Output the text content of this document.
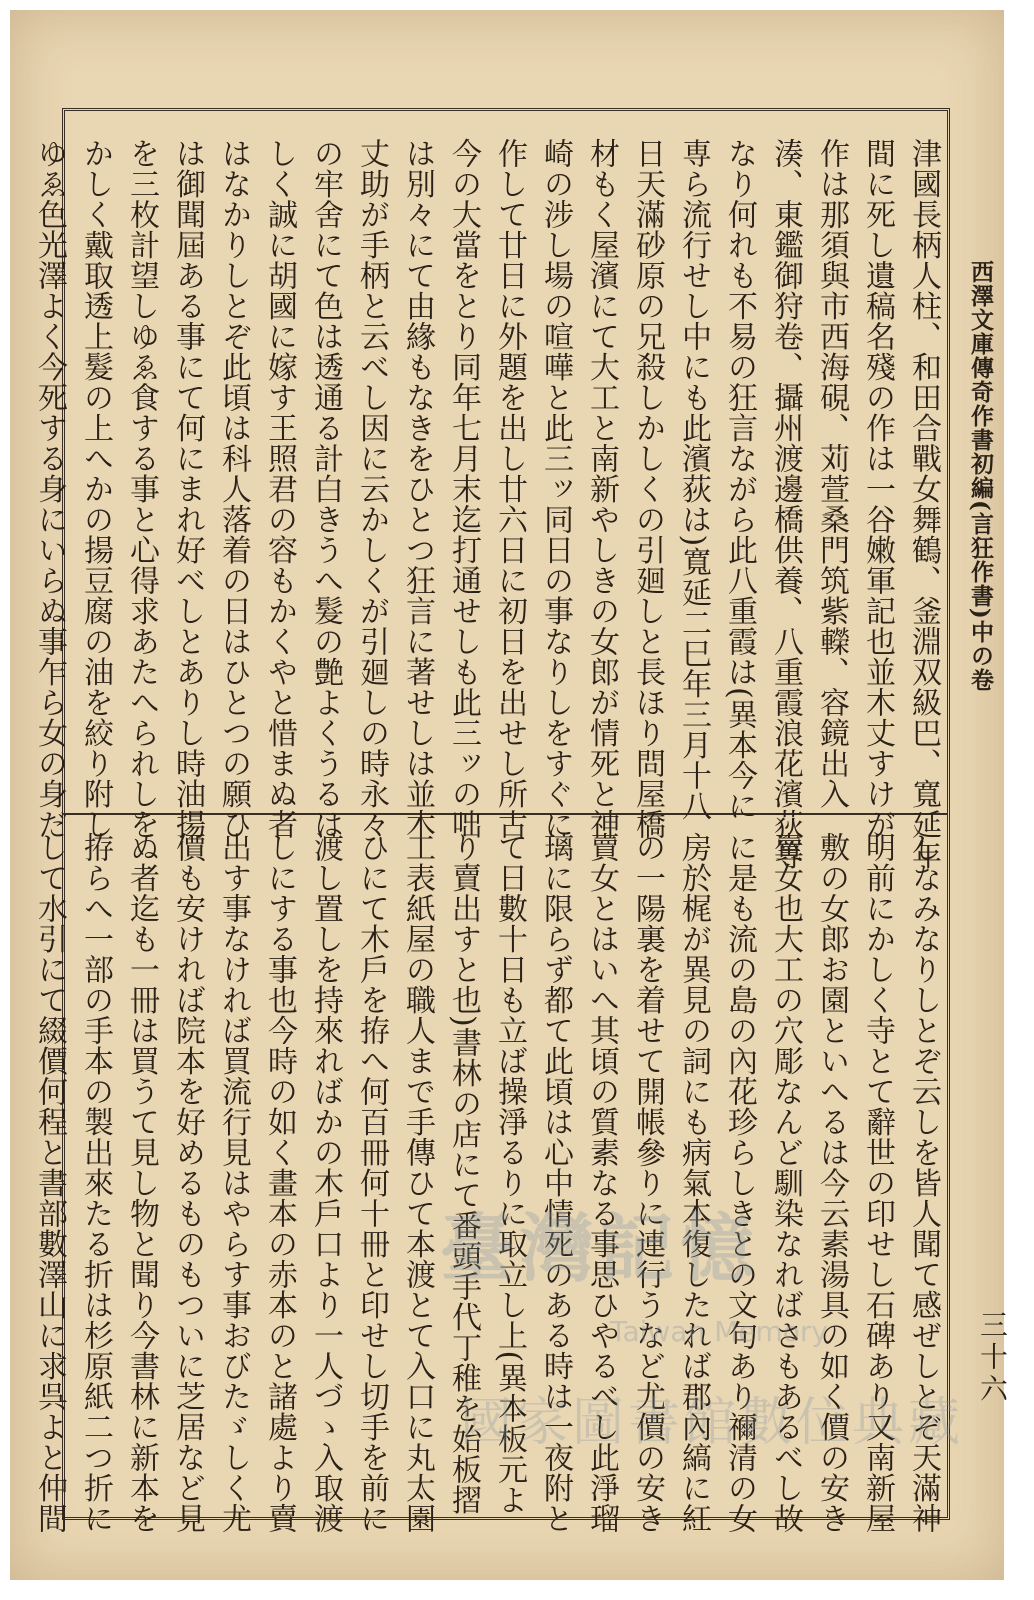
西澤文庫傳奇作書初編(言狂作書)中の卷
三十六
津國長柄人柱、和田合戰女舞鶴、釜淵双級巴、寬延年
間に死し遺稿名殘の作は一谷嫩軍記也並木丈すけが
作は那須與市西海硯、苅萱桑門筑紫𨏍、容鏡出入
湊、東鑑御狩卷、攝州渡邊橋供養、八重霞浪花濱荻等
なり何れも不易の狂言ながら此八重霞は(異本今に
専ら流行せし中にも此濱荻は)寬延二巳年三月十八
日天滿砂原の兄殺しかしくの引廻しと長ほり問屋橋
材もく屋濱にて大工と南新やしきの女郎が情死と神
崎の涉し場の喧嘩と此三ッ同日の事なりしをすぐに
作して廿日に外題を出し廿六日に初日を出せし所古
今の大當をとり同年七月末迄打通せしも此三ッの咄
は別々にて由緣もなきをひとつ狂言に著せしは並木
丈助が手柄と云べし因に云かしくが引廻しの時永々
の牢舍にて色は透通る計白きうへ髮の艶よくうるは
しく誠に胡國に嫁す王照君の容もかくやと惜まぬ者
はなかりしとぞ此頃は科人落着の日はひとつの願ひ
は御聞屆ある事にて何にまれ好べしとありし時油揚
を三枚計望しゆゑ食する事と心得求あたへられしを
かしく戴取透上髮の上へかの揚豆腐の油を絞り附し
ゆゑ色光澤よく今死する身にいらぬ事乍ら女の身だ
しなみなりしとぞ云しを皆人聞て感ぜしとぞ天滿神
明前にかしく寺とて辭世の印せし石碑あり又南新屋
敷の女郎お園といへるは今云素湯具の如く價の安き
賣女也大工の穴彫なんど馴染なればさもあるべし故
に是も流の島の內花珍らしきとの文句あり禰清の女
房於梶が異見の詞にも病氣本復したれば郡內縞に紅
の一陽裏を着せて開帳參りに連行うなど尤價の安き
賣女とはいへ其頃の質素なる事思ひやるべし此淨瑠
璃に限らず都て此頃は心中情死のある時は一夜附と
て日數十日も立ば操淨るりに取立し上(異本板元よ
り賣出すと也)書林の店にて番頭手代丁稚を始板摺
工表紙屋の職人まで手傳ひて本渡とて入口に丸太園
ひにて木戶を拵へ何百冊何十冊と印せし切手を前に
渡し置しを持來ればかの木戶口より一人づゝ入取渡
しにする事也今時の如く畫本の赤本のと諸處より賣
出す事なければ買流行見はやらす事おびたゞしく尤
價も安ければ院本を好めるものもついに芝居など見
ぬ者迄も一冊は買うて見し物と聞り今書林に新本を
拵らへ一部の手本の製出來たる折は杉原紙二つ折に
して水引にて綴價何程と書部數澤山に求呉よと仲間	臺灣記憶
Taiwan Memory
國家圖書館數位典藏
